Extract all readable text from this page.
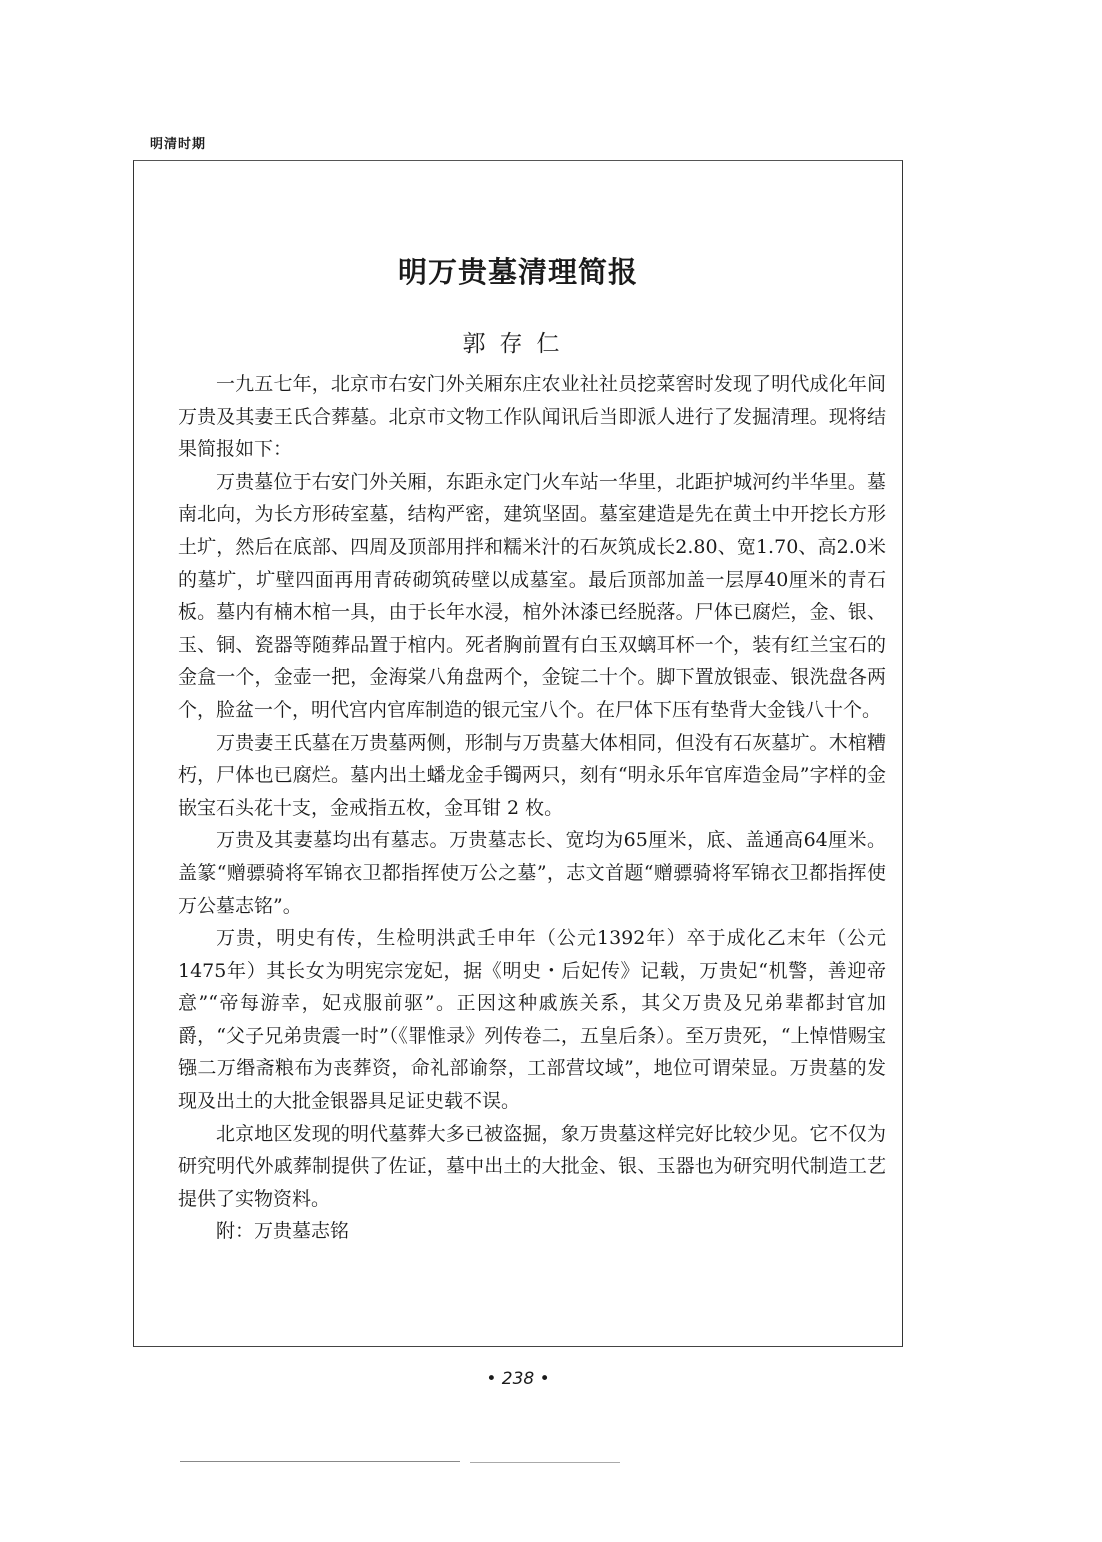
明清时期
明万贵墓清理简报
郭存仁

一九五七年，北京市右安门外关厢东庄农业社社员挖菜窖时发现了明代成化年间万贵及其妻王氏合葬墓。北京市文物工作队闻讯后当即派人进行了发掘清理。现将结果简报如下：

万贵墓位于右安门外关厢，东距永定门火车站一华里，北距护城河约半华里。墓南北向，为长方形砖室墓，结构严密，建筑坚固。墓室建造是先在黄土中开挖长方形土圹，然后在底部、四周及顶部用拌和糯米汁的石灰筑成长2.80、宽1.70、高2.0米的墓圹，圹壁四面再用青砖砌筑砖壁以成墓室。最后顶部加盖一层厚40厘米的青石板。墓内有楠木棺一具，由于长年水浸，棺外沐漆已经脱落。尸体已腐烂，金、银、玉、铜、瓷器等随葬品置于棺内。死者胸前置有白玉双螭耳杯一个，装有红兰宝石的金盒一个，金壶一把，金海棠八角盘两个，金锭二十个。脚下置放银壶、银洗盘各两个，脸盆一个，明代宫内官库制造的银元宝八个。在尸体下压有垫背大金钱八十个。

万贵妻王氏墓在万贵墓两侧，形制与万贵墓大体相同，但没有石灰墓圹。木棺糟朽，尸体也已腐烂。墓内出土蟠龙金手镯两只，刻有“明永乐年官库造金局”字样的金嵌宝石头花十支，金戒指五枚，金耳钳 2 枚。

万贵及其妻墓均出有墓志。万贵墓志长、宽均为65厘米，底、盖通高64厘米。盖篆“赠骠骑将军锦衣卫都指挥使万公之墓”，志文首题“赠骠骑将军锦衣卫都指挥使万公墓志铭”。

万贵，明史有传，生检明洪武壬申年（公元1392年）卒于成化乙末年（公元1475年）其长女为明宪宗宠妃，据《明史・后妃传》记载，万贵妃“机警，善迎帝意”“帝每游幸，妃戎服前驱”。正因这种戚族关系，其父万贵及兄弟辈都封官加爵，“父子兄弟贵震一时”（《罪惟录》列传卷二，五皇后条）。至万贵死，“上悼惜赐宝镪二万缗斋粮布为丧葬资，命礼部谕祭，工部营坟域”，地位可谓荣显。万贵墓的发现及出土的大批金银器具足证史载不误。

北京地区发现的明代墓葬大多已被盗掘，象万贵墓这样完好比较少见。它不仅为研究明代外戚葬制提供了佐证，墓中出土的大批金、银、玉器也为研究明代制造工艺提供了实物资料。

附：万贵墓志铭

• 238 •
